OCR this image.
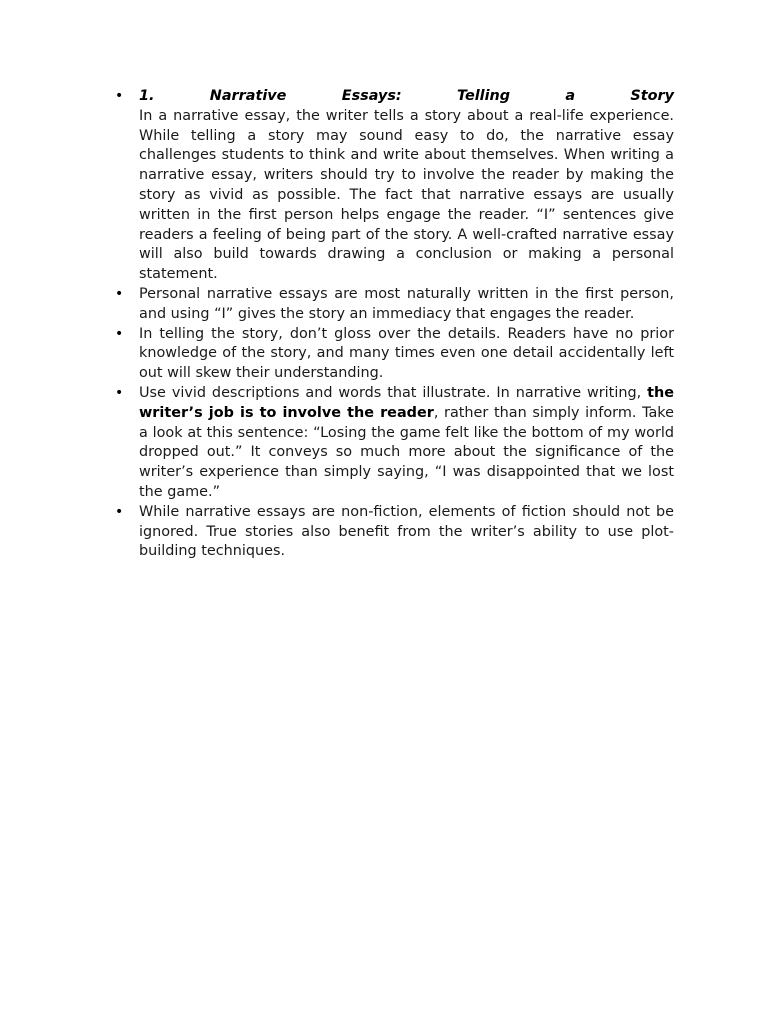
• 1.	Narrative	Essays:	Telling	a	Story
In a narrative essay, the writer tells a story about a real-life experience. While telling a story may sound easy to do, the narrative essay challenges students to think and write about themselves. When writing a narrative essay, writers should try to involve the reader by making the story as vivid as possible. The fact that narrative essays are usually written in the first person helps engage the reader. “I” sentences give readers a feeling of being part of the story. A well-crafted narrative essay will also build towards drawing a conclusion or making a personal statement.
• Personal narrative essays are most naturally written in the first person, and using “I” gives the story an immediacy that engages the reader.
• In telling the story, don’t gloss over the details. Readers have no prior knowledge of the story, and many times even one detail accidentally left out will skew their understanding.
• Use vivid descriptions and words that illustrate. In narrative writing, the writer’s job is to involve the reader, rather than simply inform. Take a look at this sentence: “Losing the game felt like the bottom of my world dropped out.” It conveys so much more about the significance of the writer’s experience than simply saying, “I was disappointed that we lost the game.”
• While narrative essays are non-fiction, elements of fiction should not be ignored. True stories also benefit from the writer’s ability to use plot-building techniques.
